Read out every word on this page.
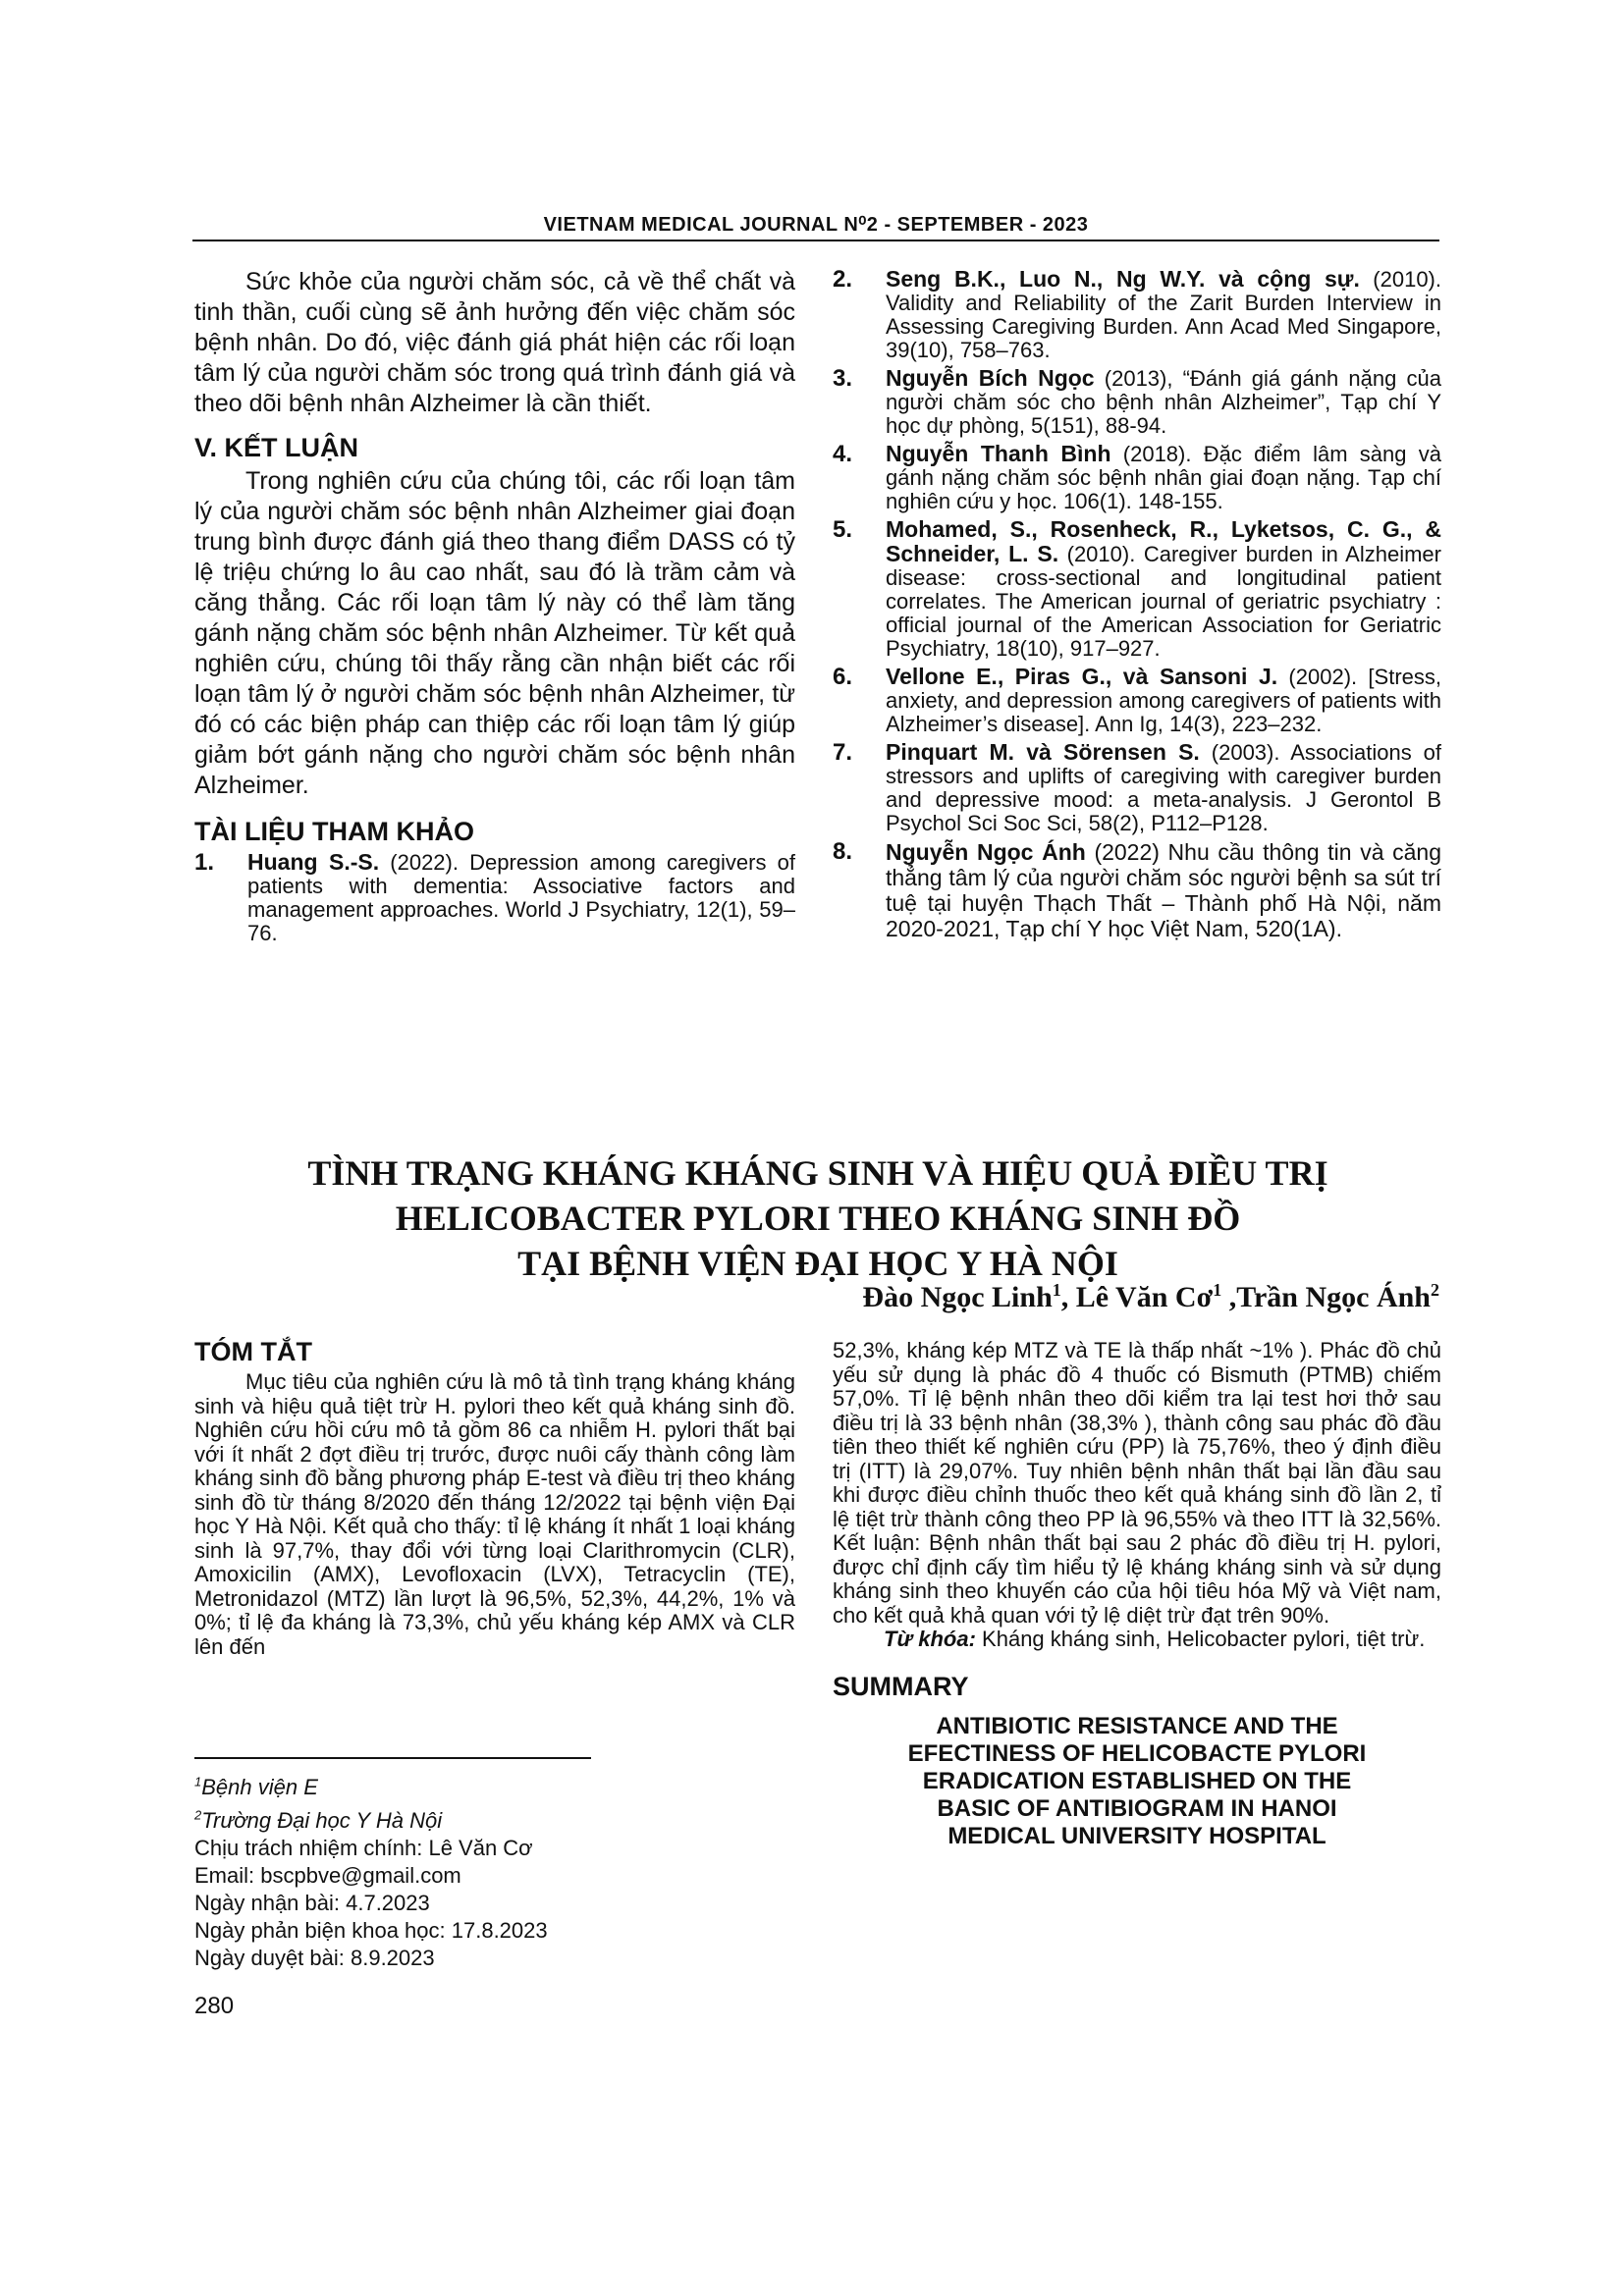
VIETNAM MEDICAL JOURNAL N⁰2 - SEPTEMBER - 2023

Sức khỏe của người chăm sóc, cả về thể chất và tinh thần, cuối cùng sẽ ảnh hưởng đến việc chăm sóc bệnh nhân. Do đó, việc đánh giá phát hiện các rối loạn tâm lý của người chăm sóc trong quá trình đánh giá và theo dõi bệnh nhân Alzheimer là cần thiết.

V. KẾT LUẬN

Trong nghiên cứu của chúng tôi, các rối loạn tâm lý của người chăm sóc bệnh nhân Alzheimer giai đoạn trung bình được đánh giá theo thang điểm DASS có tỷ lệ triệu chứng lo âu cao nhất, sau đó là trầm cảm và căng thẳng. Các rối loạn tâm lý này có thể làm tăng gánh nặng chăm sóc bệnh nhân Alzheimer. Từ kết quả nghiên cứu, chúng tôi thấy rằng cần nhận biết các rối loạn tâm lý ở người chăm sóc bệnh nhân Alzheimer, từ đó có các biện pháp can thiệp các rối loạn tâm lý giúp giảm bớt gánh nặng cho người chăm sóc bệnh nhân Alzheimer.

TÀI LIỆU THAM KHẢO
1.	Huang S.-S. (2022). Depression among caregivers of patients with dementia: Associative factors and management approaches. World J Psychiatry, 12(1), 59–76.
2.	Seng B.K., Luo N., Ng W.Y. và cộng sự. (2010). Validity and Reliability of the Zarit Burden Interview in Assessing Caregiving Burden. Ann Acad Med Singapore, 39(10), 758–763.
3.	Nguyễn Bích Ngọc (2013), “Đánh giá gánh nặng của người chăm sóc cho bệnh nhân Alzheimer”, Tạp chí Y học dự phòng, 5(151), 88-94.
4.	Nguyễn Thanh Bình (2018). Đặc điểm lâm sàng và gánh nặng chăm sóc bệnh nhân giai đoạn nặng. Tạp chí nghiên cứu y học. 106(1). 148-155.
5.	Mohamed, S., Rosenheck, R., Lyketsos, C. G., & Schneider, L. S. (2010). Caregiver burden in Alzheimer disease: cross-sectional and longitudinal patient correlates. The American journal of geriatric psychiatry : official journal of the American Association for Geriatric Psychiatry, 18(10), 917–927.
6.	Vellone E., Piras G., và Sansoni J. (2002). [Stress, anxiety, and depression among caregivers of patients with Alzheimer’s disease]. Ann Ig, 14(3), 223–232.
7.	Pinquart M. và Sörensen S. (2003). Associations of stressors and uplifts of caregiving with caregiver burden and depressive mood: a meta-analysis. J Gerontol B Psychol Sci Soc Sci, 58(2), P112–P128.
8.	Nguyễn Ngọc Ánh (2022) Nhu cầu thông tin và căng thẳng tâm lý của người chăm sóc người bệnh sa sút trí tuệ tại huyện Thạch Thất – Thành phố Hà Nội, năm 2020-2021, Tạp chí Y học Việt Nam, 520(1A).
TÌNH TRẠNG KHÁNG KHÁNG SINH VÀ HIỆU QUẢ ĐIỀU TRỊ
HELICOBACTER PYLORI THEO KHÁNG SINH ĐỒ
TẠI BỆNH VIỆN ĐẠI HỌC Y HÀ NỘI
Đào Ngọc Linh$^1$, Lê Văn $Cơ^1$ ,Trần Ngọc Ánh$^2$
TÓM TẮT

Mục tiêu của nghiên cứu là mô tả tình trạng kháng kháng sinh và hiệu quả tiệt trừ H. pylori theo kết quả kháng sinh đồ. Nghiên cứu hồi cứu mô tả gồm 86 ca nhiễm H. pylori thất bại với ít nhất 2 đợt điều trị trước, được nuôi cấy thành công làm kháng sinh đồ bằng phương pháp E-test và điều trị theo kháng sinh đồ từ tháng 8/2020 đến tháng 12/2022 tại bệnh viện Đại học Y Hà Nội. Kết quả cho thấy: tỉ lệ kháng ít nhất 1 loại kháng sinh là 97,7%, thay đổi với từng loại Clarithromycin (CLR), Amoxicilin (AMX), Levofloxacin (LVX), Tetracyclin (TE), Metronidazol (MTZ) lần lượt là 96,5%, 52,3%, 44,2%, 1% và 0%; tỉ lệ đa kháng là 73,3%, chủ yếu kháng kép AMX và CLR lên đến

52,3%, kháng kép MTZ và TE là thấp nhất ~1% ). Phác đồ chủ yếu sử dụng là phác đồ 4 thuốc có Bismuth (PTMB) chiếm 57,0%. Tỉ lệ bệnh nhân theo dõi kiểm tra lại test hơi thở sau điều trị là 33 bệnh nhân (38,3% ), thành công sau phác đồ đầu tiên theo thiết kế nghiên cứu (PP) là 75,76%, theo ý định điều trị (ITT) là 29,07%. Tuy nhiên bệnh nhân thất bại lần đầu sau khi được điều chỉnh thuốc theo kết quả kháng sinh đồ lần 2, tỉ lệ tiệt trừ thành công theo PP là 96,55% và theo ITT là 32,56%. Kết luận: Bệnh nhân thất bại sau 2 phác đồ điều trị H. pylori, được chỉ định cấy tìm hiểu tỷ lệ kháng kháng sinh và sử dụng kháng sinh theo khuyến cáo của hội tiêu hóa Mỹ và Việt nam, cho kết quả khả quan với tỷ lệ diệt trừ đạt trên 90%.

Từ khóa: Kháng kháng sinh, Helicobacter pylori, tiệt trừ.

SUMMARY
ANTIBIOTIC RESISTANCE AND THE
EFECTINESS OF HELICOBACTE PYLORI
ERADICATION ESTABLISHED ON THE
BASIC OF ANTIBIOGRAM IN HANOI
MEDICAL UNIVERSITY HOSPITAL
$^1$Bệnh viện E
$^2$Trường Đại học Y Hà Nội
Chịu trách nhiệm chính: Lê Văn Cơ
Email: bscpbve@gmail.com
Ngày nhận bài: 4.7.2023
Ngày phản biện khoa học: 17.8.2023
Ngày duyệt bài: 8.9.2023
280
